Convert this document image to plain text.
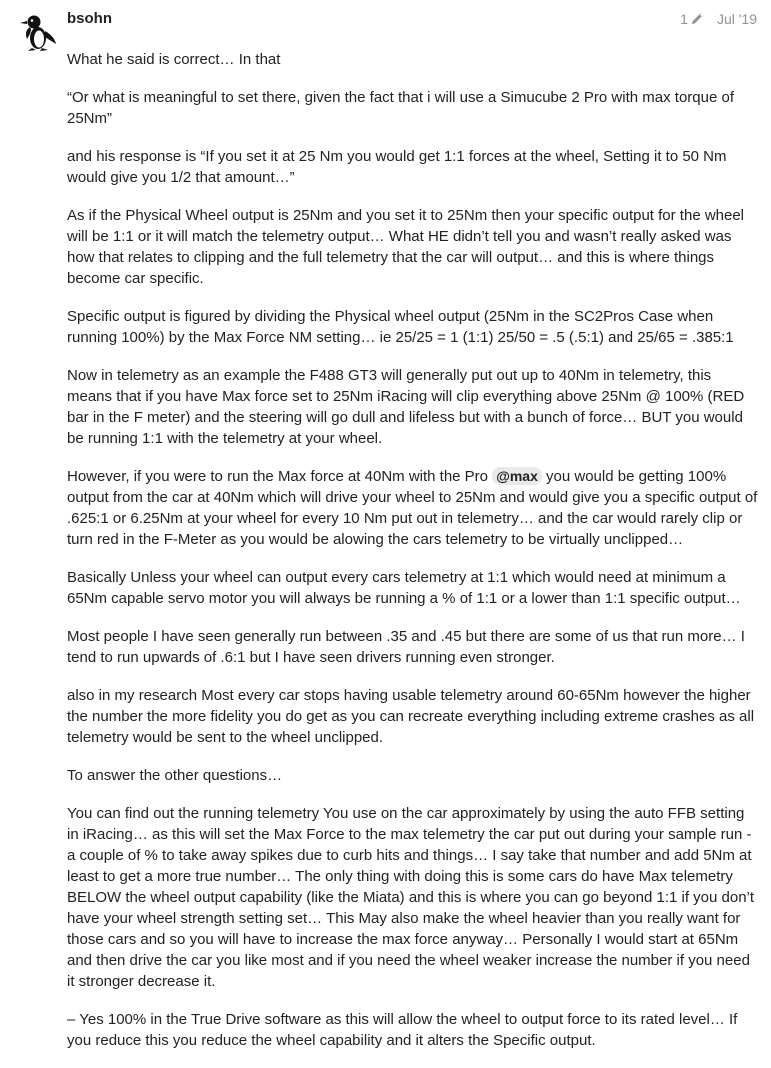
bsohn	1 Jul '19

What he said is correct… In that

“Or what is meaningful to set there, given the fact that i will use a Simucube 2 Pro with max torque of 25Nm”

and his response is “If you set it at 25 Nm you would get 1:1 forces at the wheel, Setting it to 50 Nm would give you 1/2 that amount…”

As if the Physical Wheel output is 25Nm and you set it to 25Nm then your specific output for the wheel will be 1:1 or it will match the telemetry output… What HE didn’t tell you and wasn’t really asked was how that relates to clipping and the full telemetry that the car will output… and this is where things become car specific.

Specific output is figured by dividing the Physical wheel output (25Nm in the SC2Pros Case when running 100%) by the Max Force NM setting… ie 25/25 = 1 (1:1) 25/50 = .5 (.5:1) and 25/65 = .385:1

Now in telemetry as an example the F488 GT3 will generally put out up to 40Nm in telemetry, this means that if you have Max force set to 25Nm iRacing will clip everything above 25Nm @ 100% (RED bar in the F meter) and the steering will go dull and lifeless but with a bunch of force… BUT you would be running 1:1 with the telemetry at your wheel.

However, if you were to run the Max force at 40Nm with the Pro @max you would be getting 100% output from the car at 40Nm which will drive your wheel to 25Nm and would give you a specific output of .625:1 or 6.25Nm at your wheel for every 10 Nm put out in telemetry… and the car would rarely clip or turn red in the F-Meter as you would be alowing the cars telemetry to be virtually unclipped…

Basically Unless your wheel can output every cars telemetry at 1:1 which would need at minimum a 65Nm capable servo motor you will always be running a % of 1:1 or a lower than 1:1 specific output…

Most people I have seen generally run between .35 and .45 but there are some of us that run more… I tend to run upwards of .6:1 but I have seen drivers running even stronger.

also in my research Most every car stops having usable telemetry around 60-65Nm however the higher the number the more fidelity you do get as you can recreate everything including extreme crashes as all telemetry would be sent to the wheel unclipped.

To answer the other questions…

You can find out the running telemetry You use on the car approximately by using the auto FFB setting in iRacing… as this will set the Max Force to the max telemetry the car put out during your sample run - a couple of % to take away spikes due to curb hits and things… I say take that number and add 5Nm at least to get a more true number… The only thing with doing this is some cars do have Max telemetry BELOW the wheel output capability (like the Miata) and this is where you can go beyond 1:1 if you don’t have your wheel strength setting set… This May also make the wheel heavier than you really want for those cars and so you will have to increase the max force anyway… Personally I would start at 65Nm and then drive the car you like most and if you need the wheel weaker increase the number if you need it stronger decrease it.

– Yes 100% in the True Drive software as this will allow the wheel to output force to its rated level… If you reduce this you reduce the wheel capability and it alters the Specific output.
